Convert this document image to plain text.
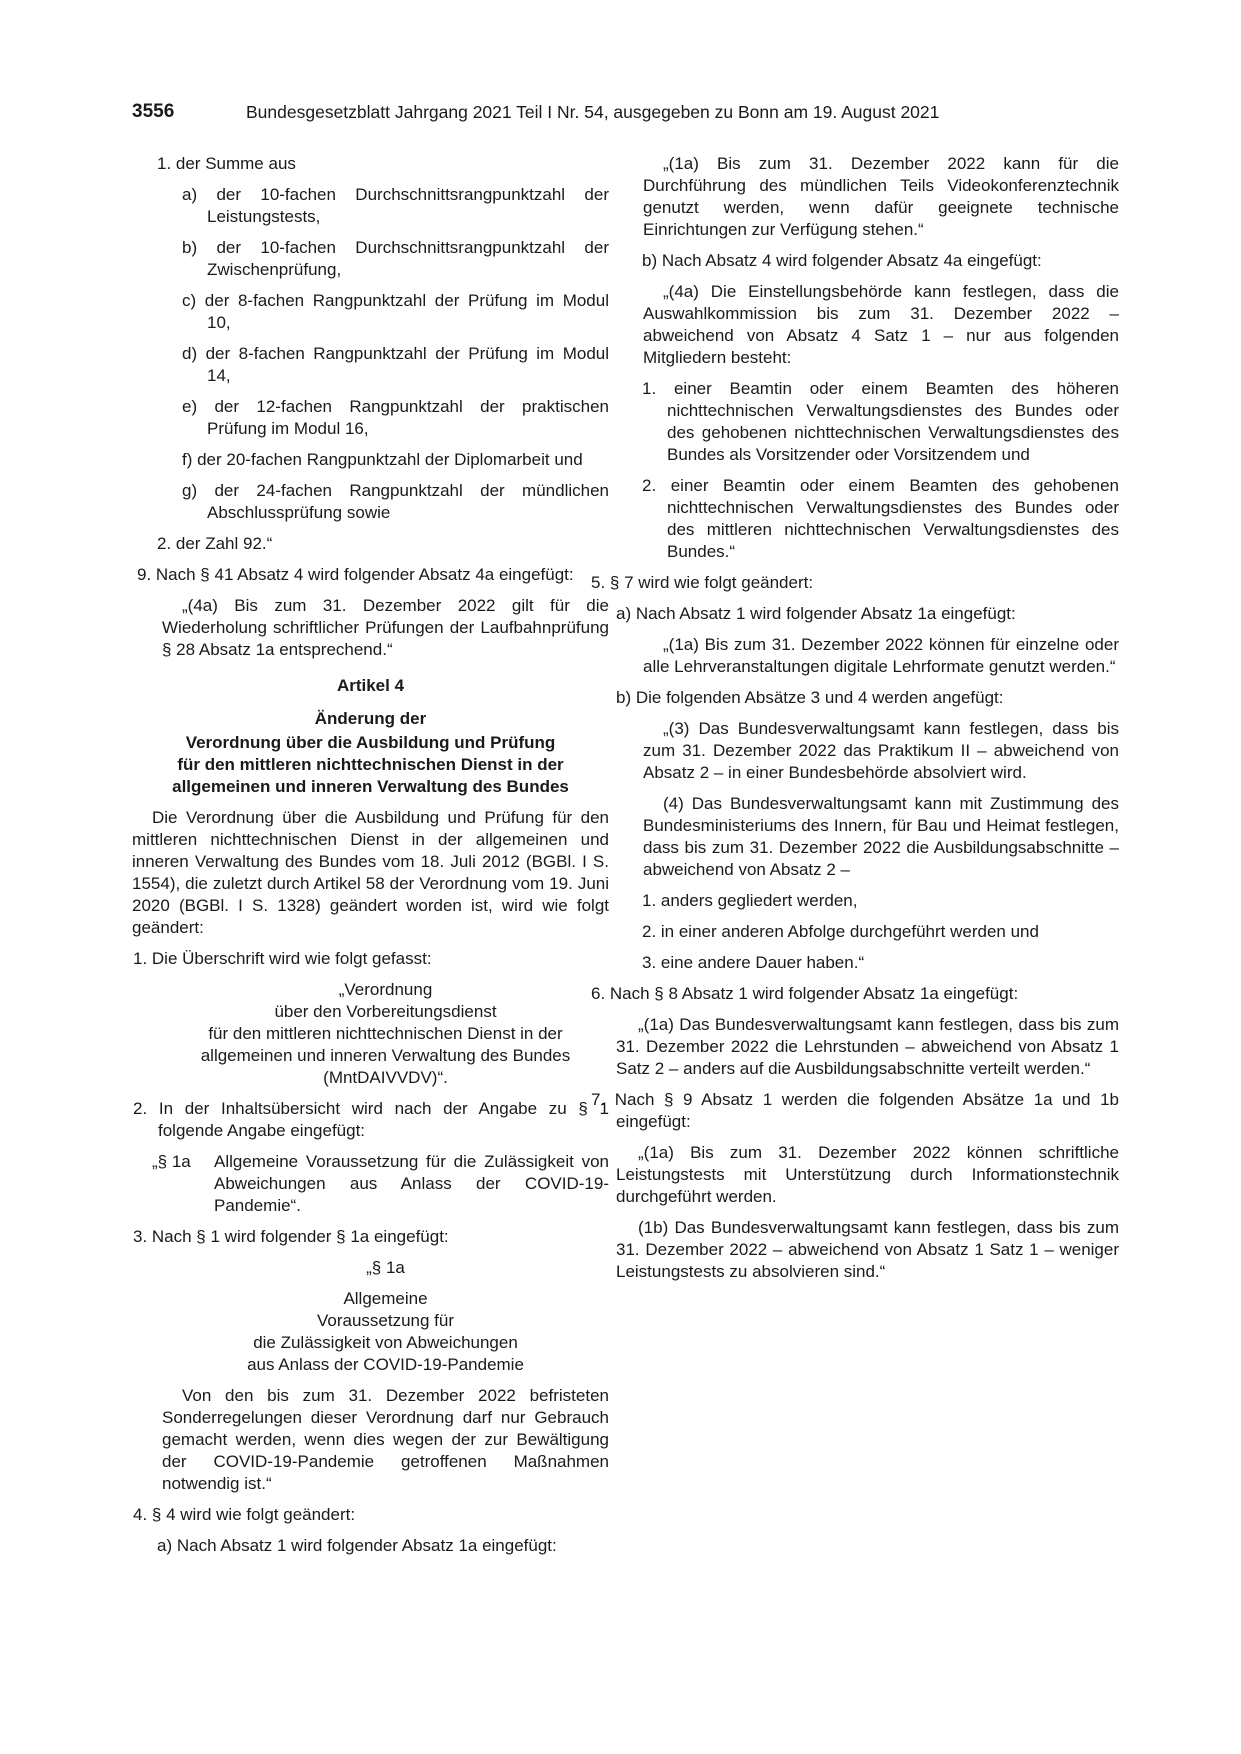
3556	Bundesgesetzblatt Jahrgang 2021 Teil I Nr. 54, ausgegeben zu Bonn am 19. August 2021

1. der Summe aus

a) der 10-fachen Durchschnittsrangpunktzahl der Leistungstests,

b) der 10-fachen Durchschnittsrangpunktzahl der Zwischenprüfung,

c) der 8-fachen Rangpunktzahl der Prüfung im Modul 10,

d) der 8-fachen Rangpunktzahl der Prüfung im Modul 14,

e) der 12-fachen Rangpunktzahl der praktischen Prüfung im Modul 16,

f) der 20-fachen Rangpunktzahl der Diplomarbeit und

g) der 24-fachen Rangpunktzahl der mündlichen Abschlussprüfung sowie

2. der Zahl 92.“

9. Nach § 41 Absatz 4 wird folgender Absatz 4a eingefügt:

„(4a) Bis zum 31. Dezember 2022 gilt für die Wiederholung schriftlicher Prüfungen der Laufbahnprüfung § 28 Absatz 1a entsprechend.“

Artikel 4

Änderung der

Verordnung über die Ausbildung und Prüfung

für den mittleren nichttechnischen Dienst in der

allgemeinen und inneren Verwaltung des Bundes

Die Verordnung über die Ausbildung und Prüfung für den mittleren nichttechnischen Dienst in der allgemeinen und inneren Verwaltung des Bundes vom 18. Juli 2012 (BGBl. I S. 1554), die zuletzt durch Artikel 58 der Verordnung vom 19. Juni 2020 (BGBl. I S. 1328) geändert worden ist, wird wie folgt geändert:

1. Die Überschrift wird wie folgt gefasst:

„Verordnung

über den Vorbereitungsdienst

für den mittleren nichttechnischen Dienst in der

allgemeinen und inneren Verwaltung des Bundes

(MntDAIVVDV)“.

2. In der Inhaltsübersicht wird nach der Angabe zu § 1 folgende Angabe eingefügt:

„§ 1a Allgemeine Voraussetzung für die Zulässigkeit von Abweichungen aus Anlass der COVID-19-Pandemie“.

3. Nach § 1 wird folgender § 1a eingefügt:

„§ 1a

Allgemeine

Voraussetzung für

die Zulässigkeit von Abweichungen

aus Anlass der COVID-19-Pandemie

Von den bis zum 31. Dezember 2022 befristeten Sonderregelungen dieser Verordnung darf nur Gebrauch gemacht werden, wenn dies wegen der zur Bewältigung der COVID-19-Pandemie getroffenen Maßnahmen notwendig ist.“

4. § 4 wird wie folgt geändert:

a) Nach Absatz 1 wird folgender Absatz 1a eingefügt:

„(1a) Bis zum 31. Dezember 2022 kann für die Durchführung des mündlichen Teils Videokonferenztechnik genutzt werden, wenn dafür geeignete technische Einrichtungen zur Verfügung stehen.“

b) Nach Absatz 4 wird folgender Absatz 4a eingefügt:

„(4a) Die Einstellungsbehörde kann festlegen, dass die Auswahlkommission bis zum 31. Dezember 2022 – abweichend von Absatz 4 Satz 1 – nur aus folgenden Mitgliedern besteht:

1. einer Beamtin oder einem Beamten des höheren nichttechnischen Verwaltungsdienstes des Bundes oder des gehobenen nichttechnischen Verwaltungsdienstes des Bundes als Vorsitzender oder Vorsitzendem und

2. einer Beamtin oder einem Beamten des gehobenen nichttechnischen Verwaltungsdienstes des Bundes oder des mittleren nichttechnischen Verwaltungsdienstes des Bundes.“

5. § 7 wird wie folgt geändert:

a) Nach Absatz 1 wird folgender Absatz 1a eingefügt:

„(1a) Bis zum 31. Dezember 2022 können für einzelne oder alle Lehrveranstaltungen digitale Lehrformate genutzt werden.“

b) Die folgenden Absätze 3 und 4 werden angefügt:

„(3) Das Bundesverwaltungsamt kann festlegen, dass bis zum 31. Dezember 2022 das Praktikum II – abweichend von Absatz 2 – in einer Bundesbehörde absolviert wird.

(4) Das Bundesverwaltungsamt kann mit Zustimmung des Bundesministeriums des Innern, für Bau und Heimat festlegen, dass bis zum 31. Dezember 2022 die Ausbildungsabschnitte – abweichend von Absatz 2 –

1. anders gegliedert werden,

2. in einer anderen Abfolge durchgeführt werden und

3. eine andere Dauer haben.“

6. Nach § 8 Absatz 1 wird folgender Absatz 1a eingefügt:

„(1a) Das Bundesverwaltungsamt kann festlegen, dass bis zum 31. Dezember 2022 die Lehrstunden – abweichend von Absatz 1 Satz 2 – anders auf die Ausbildungsabschnitte verteilt werden.“

7. Nach § 9 Absatz 1 werden die folgenden Absätze 1a und 1b eingefügt:

„(1a) Bis zum 31. Dezember 2022 können schriftliche Leistungstests mit Unterstützung durch Informationstechnik durchgeführt werden.

(1b) Das Bundesverwaltungsamt kann festlegen, dass bis zum 31. Dezember 2022 – abweichend von Absatz 1 Satz 1 – weniger Leistungstests zu absolvieren sind.“
